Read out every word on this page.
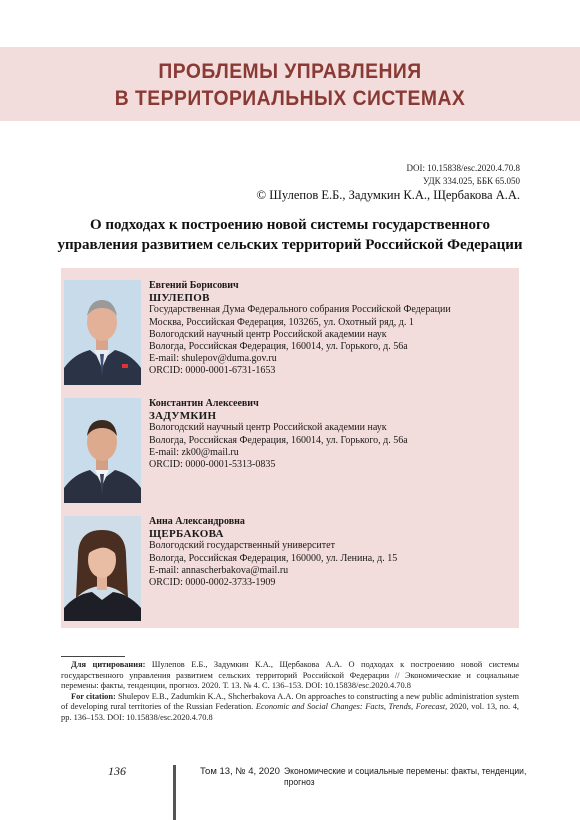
ПРОБЛЕМЫ УПРАВЛЕНИЯ
В ТЕРРИТОРИАЛЬНЫХ СИСТЕМАХ
DOI: 10.15838/esc.2020.4.70.8
УДК 334.025, ББК 65.050
© Шулепов Е.Б., Задумкин К.А., Щербакова А.А.
О подходах к построению новой системы государственного
управления развитием сельских территорий Российской Федерации
Евгений Борисович
ШУЛЕПОВ
Государственная Дума Федерального собрания Российской Федерации
Москва, Российская Федерация, 103265, ул. Охотный ряд, д. 1
Вологодский научный центр Российской академии наук
Вологда, Российская Федерация, 160014, ул. Горького, д. 56а
E-mail: shulepov@duma.gov.ru
ORCID: 0000-0001-6731-1653
Константин Алексеевич
ЗАДУМКИН
Вологодский научный центр Российской академии наук
Вологда, Российская Федерация, 160014, ул. Горького, д. 56а
E-mail: zk00@mail.ru
ORCID: 0000-0001-5313-0835
Анна Александровна
ЩЕРБАКОВА
Вологодский государственный университет
Вологда, Российская Федерация, 160000, ул. Ленина, д. 15
E-mail: annascherbakova@mail.ru
ORCID: 0000-0002-3733-1909

Для цитирования: Шулепов Е.Б., Задумкин К.А., Щербакова А.А. О подходах к построению новой системы государственного управления развитием сельских территорий Российской Федерации // Экономические и социальные перемены: факты, тенденции, прогноз. 2020. Т. 13. № 4. С. 136–153. DOI: 10.15838/esc.2020.4.70.8

For citation: Shulepov E.B., Zadumkin K.A., Shcherbakova A.A. On approaches to constructing a new public administration system of developing rural territories of the Russian Federation. Economic and Social Changes: Facts, Trends, Forecast, 2020, vol. 13, no. 4, pp. 136–153. DOI: 10.15838/esc.2020.4.70.8

136	Том 13, № 4, 2020 Экономические и социальные перемены: факты, тенденции, прогноз
